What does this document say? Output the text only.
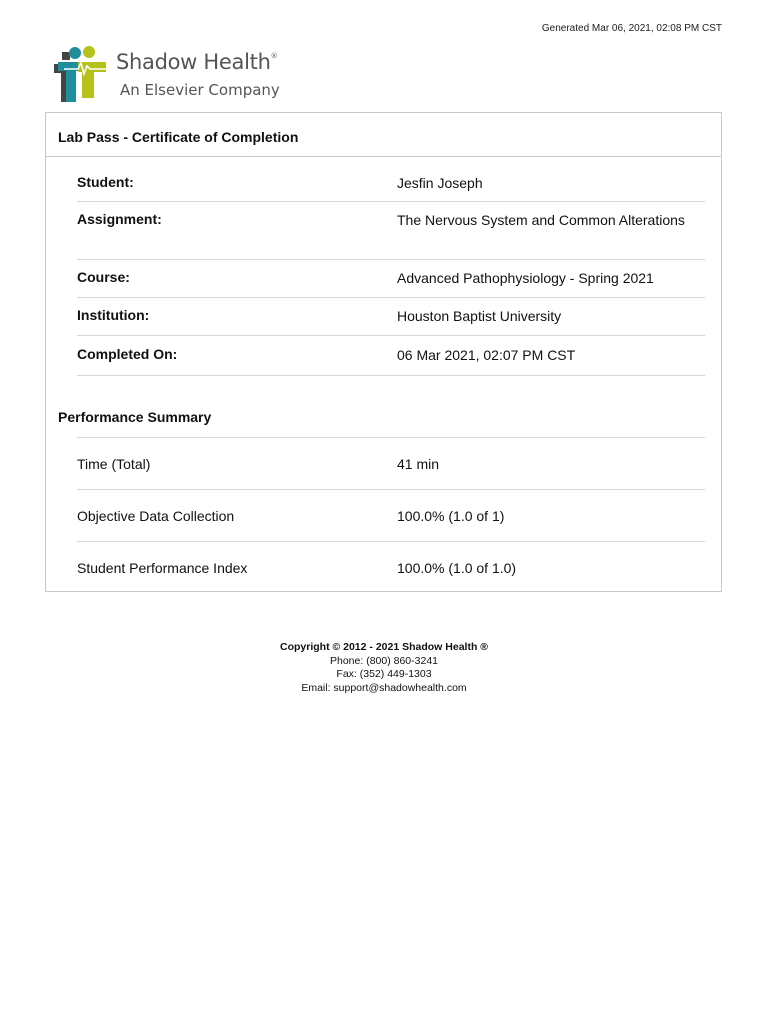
Generated Mar 06, 2021, 02:08 PM CST
Shadow Health®
An Elsevier Company
Lab Pass - Certificate of Completion
Student:	Jesfin Joseph
Assignment:	The Nervous System and Common Alterations
Course:	Advanced Pathophysiology - Spring 2021
Institution:	Houston Baptist University
Completed On:	06 Mar 2021, 02:07 PM CST
Performance Summary
Time (Total)	41 min
Objective Data Collection	100.0% (1.0 of 1)
Student Performance Index	100.0% (1.0 of 1.0)
Copyright © 2012 - 2021 Shadow Health ®
Phone: (800) 860-3241
Fax: (352) 449-1303
Email: support@shadowhealth.com
